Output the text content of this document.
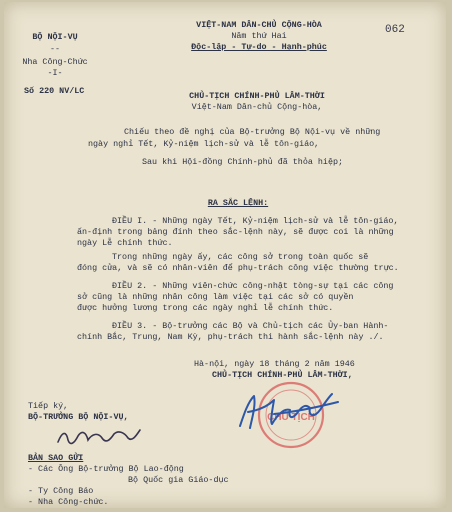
BỘ NỘI-VỤ
--
Nha Công-Chức
-I-
Số 220 NV/LC
VIỆT-NAM DÂN-CHỦ CỘNG-HÒA
Năm thứ Hai
Độc-lập - Tự-do - Hạnh-phúc
062
CHỦ-TỊCH CHÍNH-PHỦ LÂM-THỜI
Việt-Nam Dân-chủ Cộng-hòa,
Chiếu theo đề nghị của Bộ-trưởng Bộ Nội-vụ về những
ngày nghỉ Tết, Kỷ-niệm lịch-sử và lễ tôn-giáo,
Sau khi Hội-đồng Chính-phủ đã thỏa hiệp;
RA SẮC LỆNH:
ĐIỀU I. - Những ngày Tết, Kỷ-niệm lịch-sử và lễ tôn-giáo,
ấn-định trong bảng đính theo sắc-lệnh này, sẽ được coi là những
ngày Lễ chính thức.
Trong những ngày ấy, các công sở trong toàn quốc sẽ
đóng cửa, và sẽ có nhân-viên để phụ-trách công việc thường trực.
ĐIỀU 2. - Những viên-chức công-nhật tòng-sự tại các công
sở cũng là những nhân công làm việc tại các sở có quyền
được hưởng lương trong các ngày nghỉ lễ chính thức.
ĐIỀU 3. - Bộ-trưởng các Bộ và Chủ-tịch các Ủy-ban Hành-
chính Bắc, Trung, Nam Kỳ, phụ-trách thi hành sắc-lệnh này ./.
Hà-nội, ngày 18 tháng 2 năm 1946
CHỦ-TỊCH CHÍNH-PHỦ LÂM-THỜI,
CHỦ TỊCH
Tiếp ký,
BỘ-TRƯỞNG BỘ NỘI-VỤ,
BẢN SAO GỬI
- Các Ông Bộ-trưởng Bộ Lao-động
Bộ Quốc gia Giáo-dục
- Ty Công Báo
- Nha Công-chức.
